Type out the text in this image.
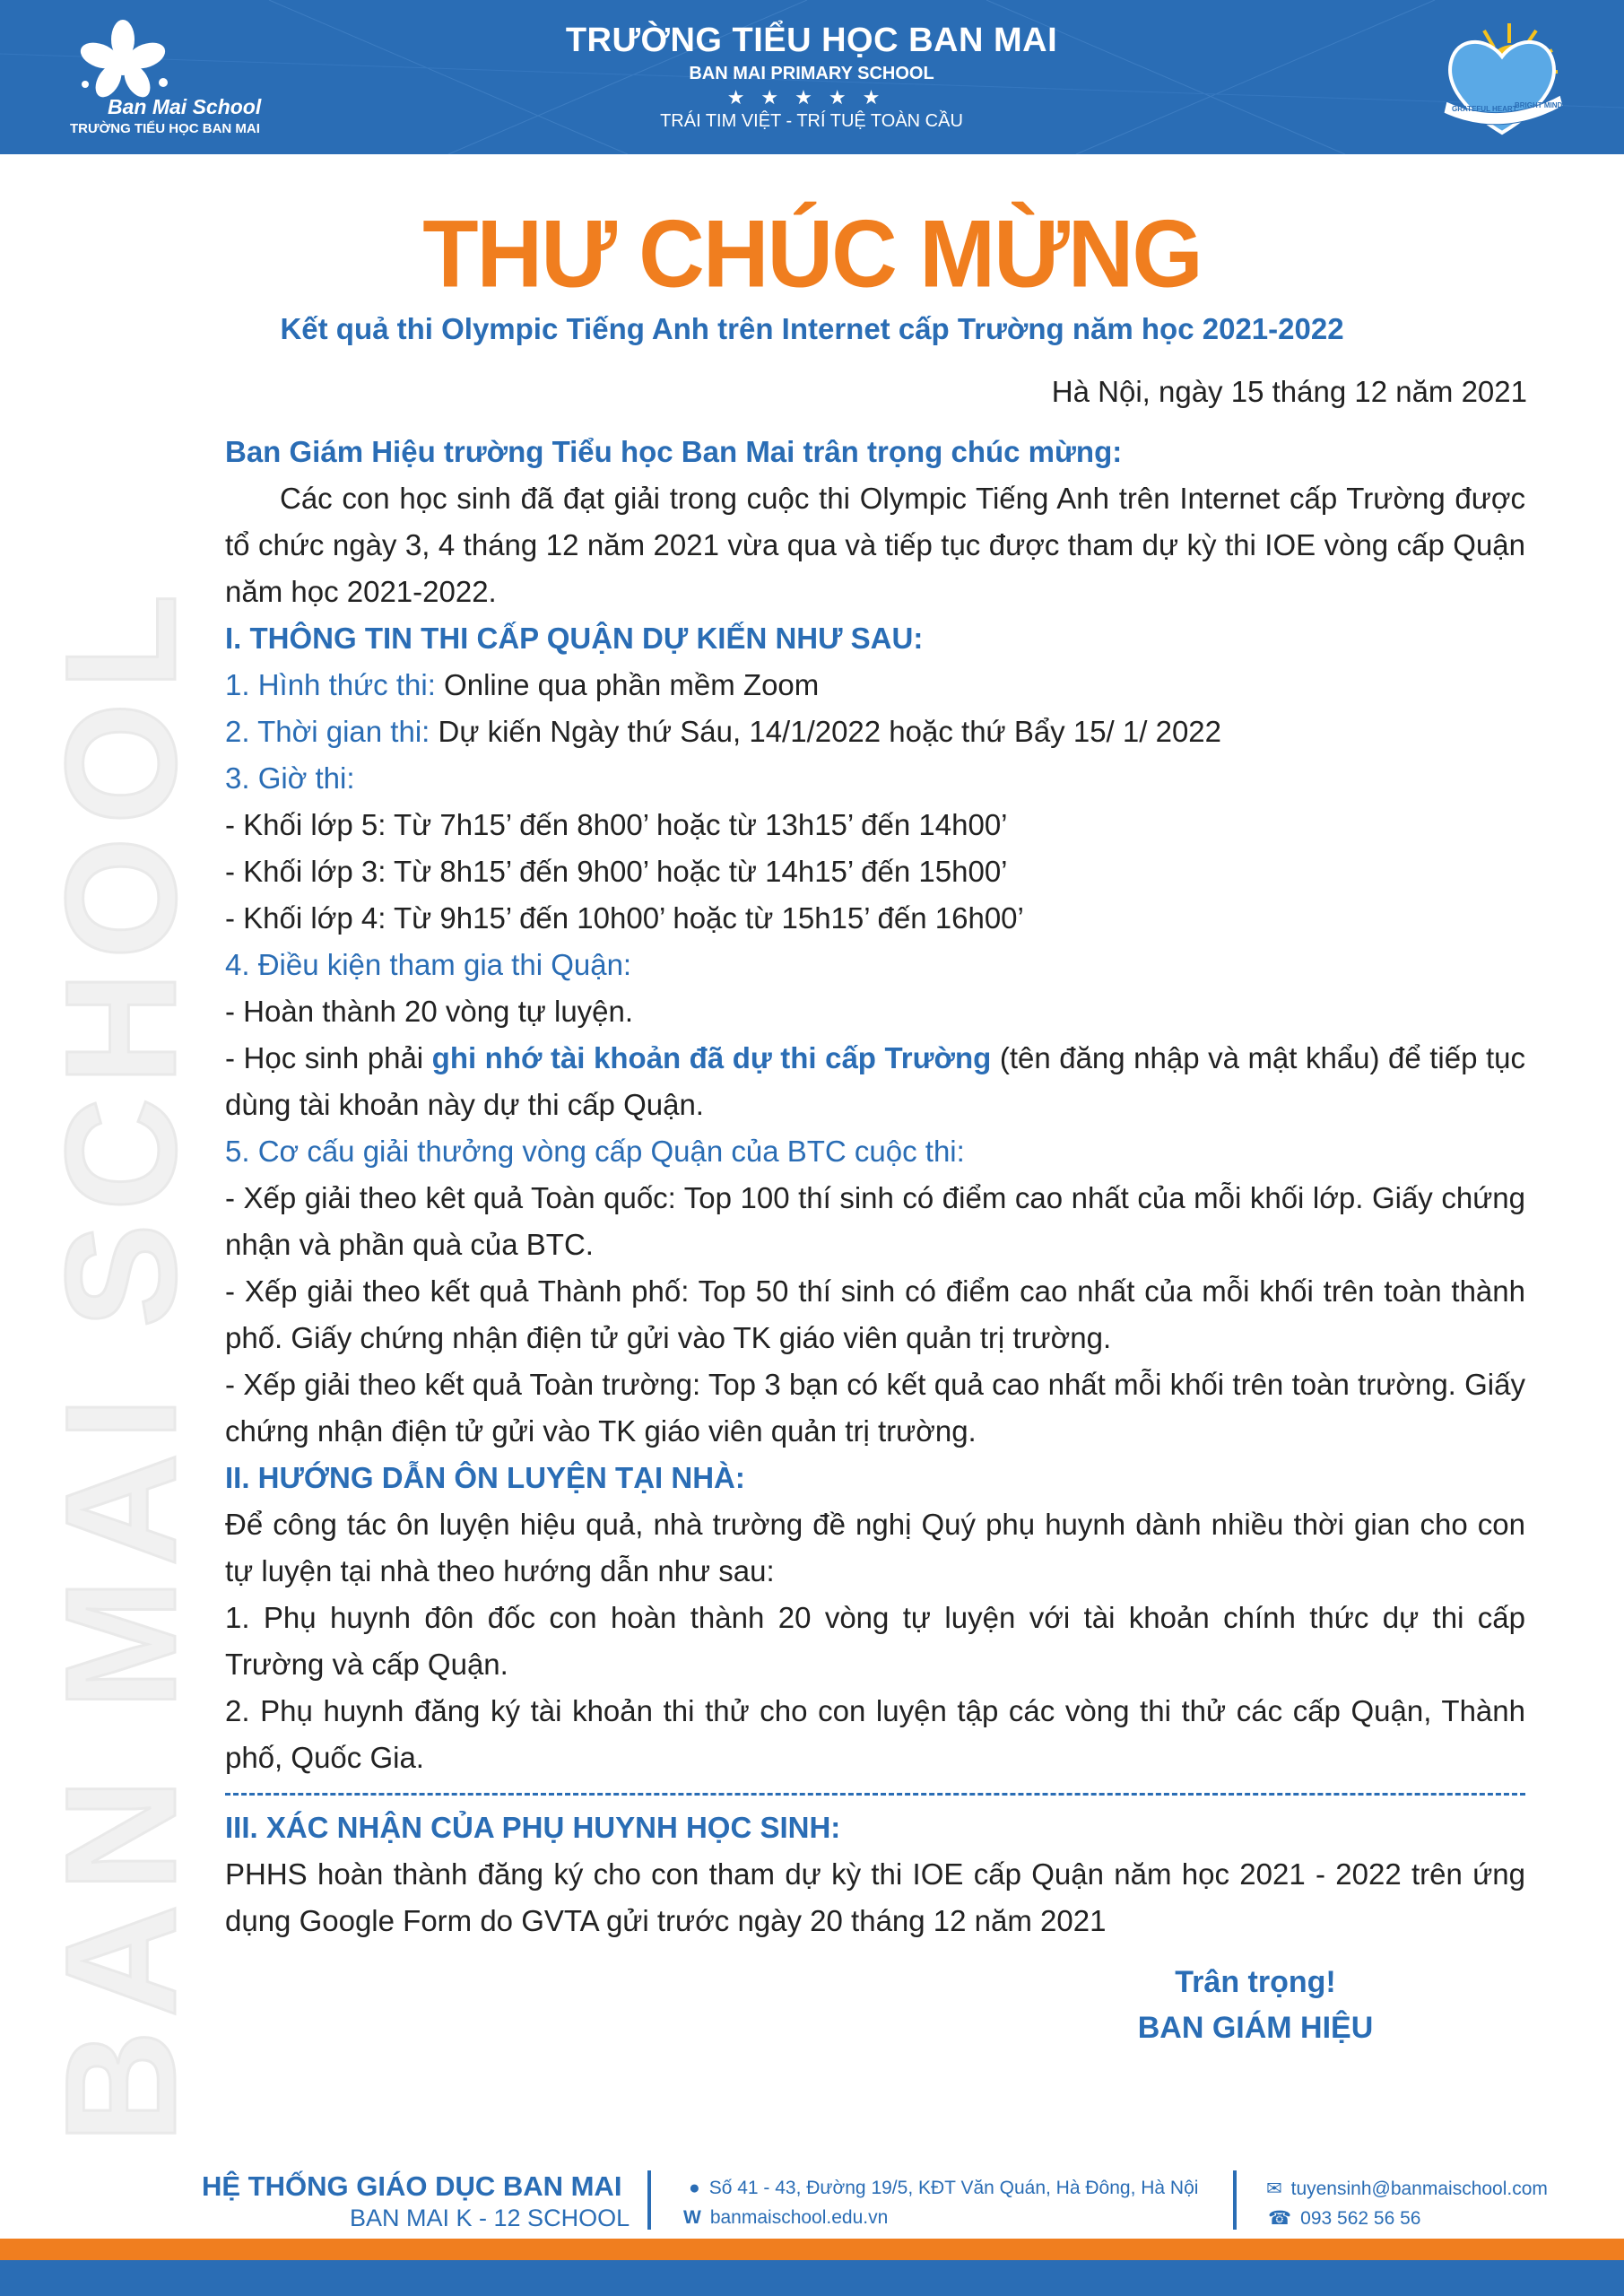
Ban Mai School
TRƯỜNG TIỂU HỌC BAN MAI
TRƯỜNG TIỂU HỌC BAN MAI
BAN MAI PRIMARY SCHOOL
★★★★★
TRÁI TIM VIỆT - TRÍ TUỆ TOÀN CẦU
GRATEFUL HEART
BRIGHT MIND
BAN MAI SCHOOL
THƯ CHÚC MỪNG
Kết quả thi Olympic Tiếng Anh trên Internet cấp Trường năm học 2021-2022
Hà Nội, ngày 15 tháng 12 năm 2021

Ban Giám Hiệu trường Tiểu học Ban Mai trân trọng chúc mừng:

Các con học sinh đã đạt giải trong cuộc thi Olympic Tiếng Anh trên Internet cấp Trường được tổ chức ngày 3, 4 tháng 12 năm 2021 vừa qua và tiếp tục được tham dự kỳ thi IOE vòng cấp Quận năm học 2021-2022.

I. THÔNG TIN THI CẤP QUẬN DỰ KIẾN NHƯ SAU:

1. Hình thức thi: Online qua phần mềm Zoom

2. Thời gian thi: Dự kiến Ngày thứ Sáu, 14/1/2022 hoặc thứ Bẩy 15/ 1/ 2022

3. Giờ thi:

- Khối lớp 5: Từ 7h15’ đến 8h00’ hoặc từ 13h15’ đến 14h00’

- Khối lớp 3: Từ 8h15’ đến 9h00’ hoặc từ 14h15’ đến 15h00’

- Khối lớp 4: Từ 9h15’ đến 10h00’ hoặc từ 15h15’ đến 16h00’

4. Điều kiện tham gia thi Quận:

- Hoàn thành 20 vòng tự luyện.

- Học sinh phải ghi nhớ tài khoản đã dự thi cấp Trường (tên đăng nhập và mật khẩu) để tiếp tục dùng tài khoản này dự thi cấp Quận.

5. Cơ cấu giải thưởng vòng cấp Quận của BTC cuộc thi:

- Xếp giải theo kêt quả Toàn quốc: Top 100 thí sinh có điểm cao nhất của mỗi khối lớp. Giấy chứng nhận và phần quà của BTC.

- Xếp giải theo kết quả Thành phố: Top 50 thí sinh có điểm cao nhất của mỗi khối trên toàn thành phố. Giấy chứng nhận điện tử gửi vào TK giáo viên quản trị trường.

- Xếp giải theo kết quả Toàn trường: Top 3 bạn có kết quả cao nhất mỗi khối trên toàn trường. Giấy chứng nhận điện tử gửi vào TK giáo viên quản trị trường.

II. HƯỚNG DẪN ÔN LUYỆN TẠI NHÀ:

Để công tác ôn luyện hiệu quả, nhà trường đề nghị Quý phụ huynh dành nhiều thời gian cho con tự luyện tại nhà theo hướng dẫn như sau:

1. Phụ huynh đôn đốc con hoàn thành 20 vòng tự luyện với tài khoản chính thức dự thi cấp Trường và cấp Quận.

2. Phụ huynh đăng ký tài khoản thi thử cho con luyện tập các vòng thi thử các cấp Quận, Thành phố, Quốc Gia.

III. XÁC NHẬN CỦA PHỤ HUYNH HỌC SINH:

PHHS hoàn thành đăng ký cho con tham dự kỳ thi IOE cấp Quận năm học 2021 - 2022 trên ứng dụng Google Form do GVTA gửi trước ngày 20 tháng 12 năm 2021

Trân trọng!
BAN GIÁM HIỆU
HỆ THỐNG GIÁO DỤC BAN MAI
BAN MAI K - 12 SCHOOL
● Số 41 - 43, Đường 19/5, KĐT Văn Quán, Hà Đông, Hà Nội
W banmaischool.edu.vn
✉ tuyensinh@banmaischool.com
☎ 093 562 56 56
